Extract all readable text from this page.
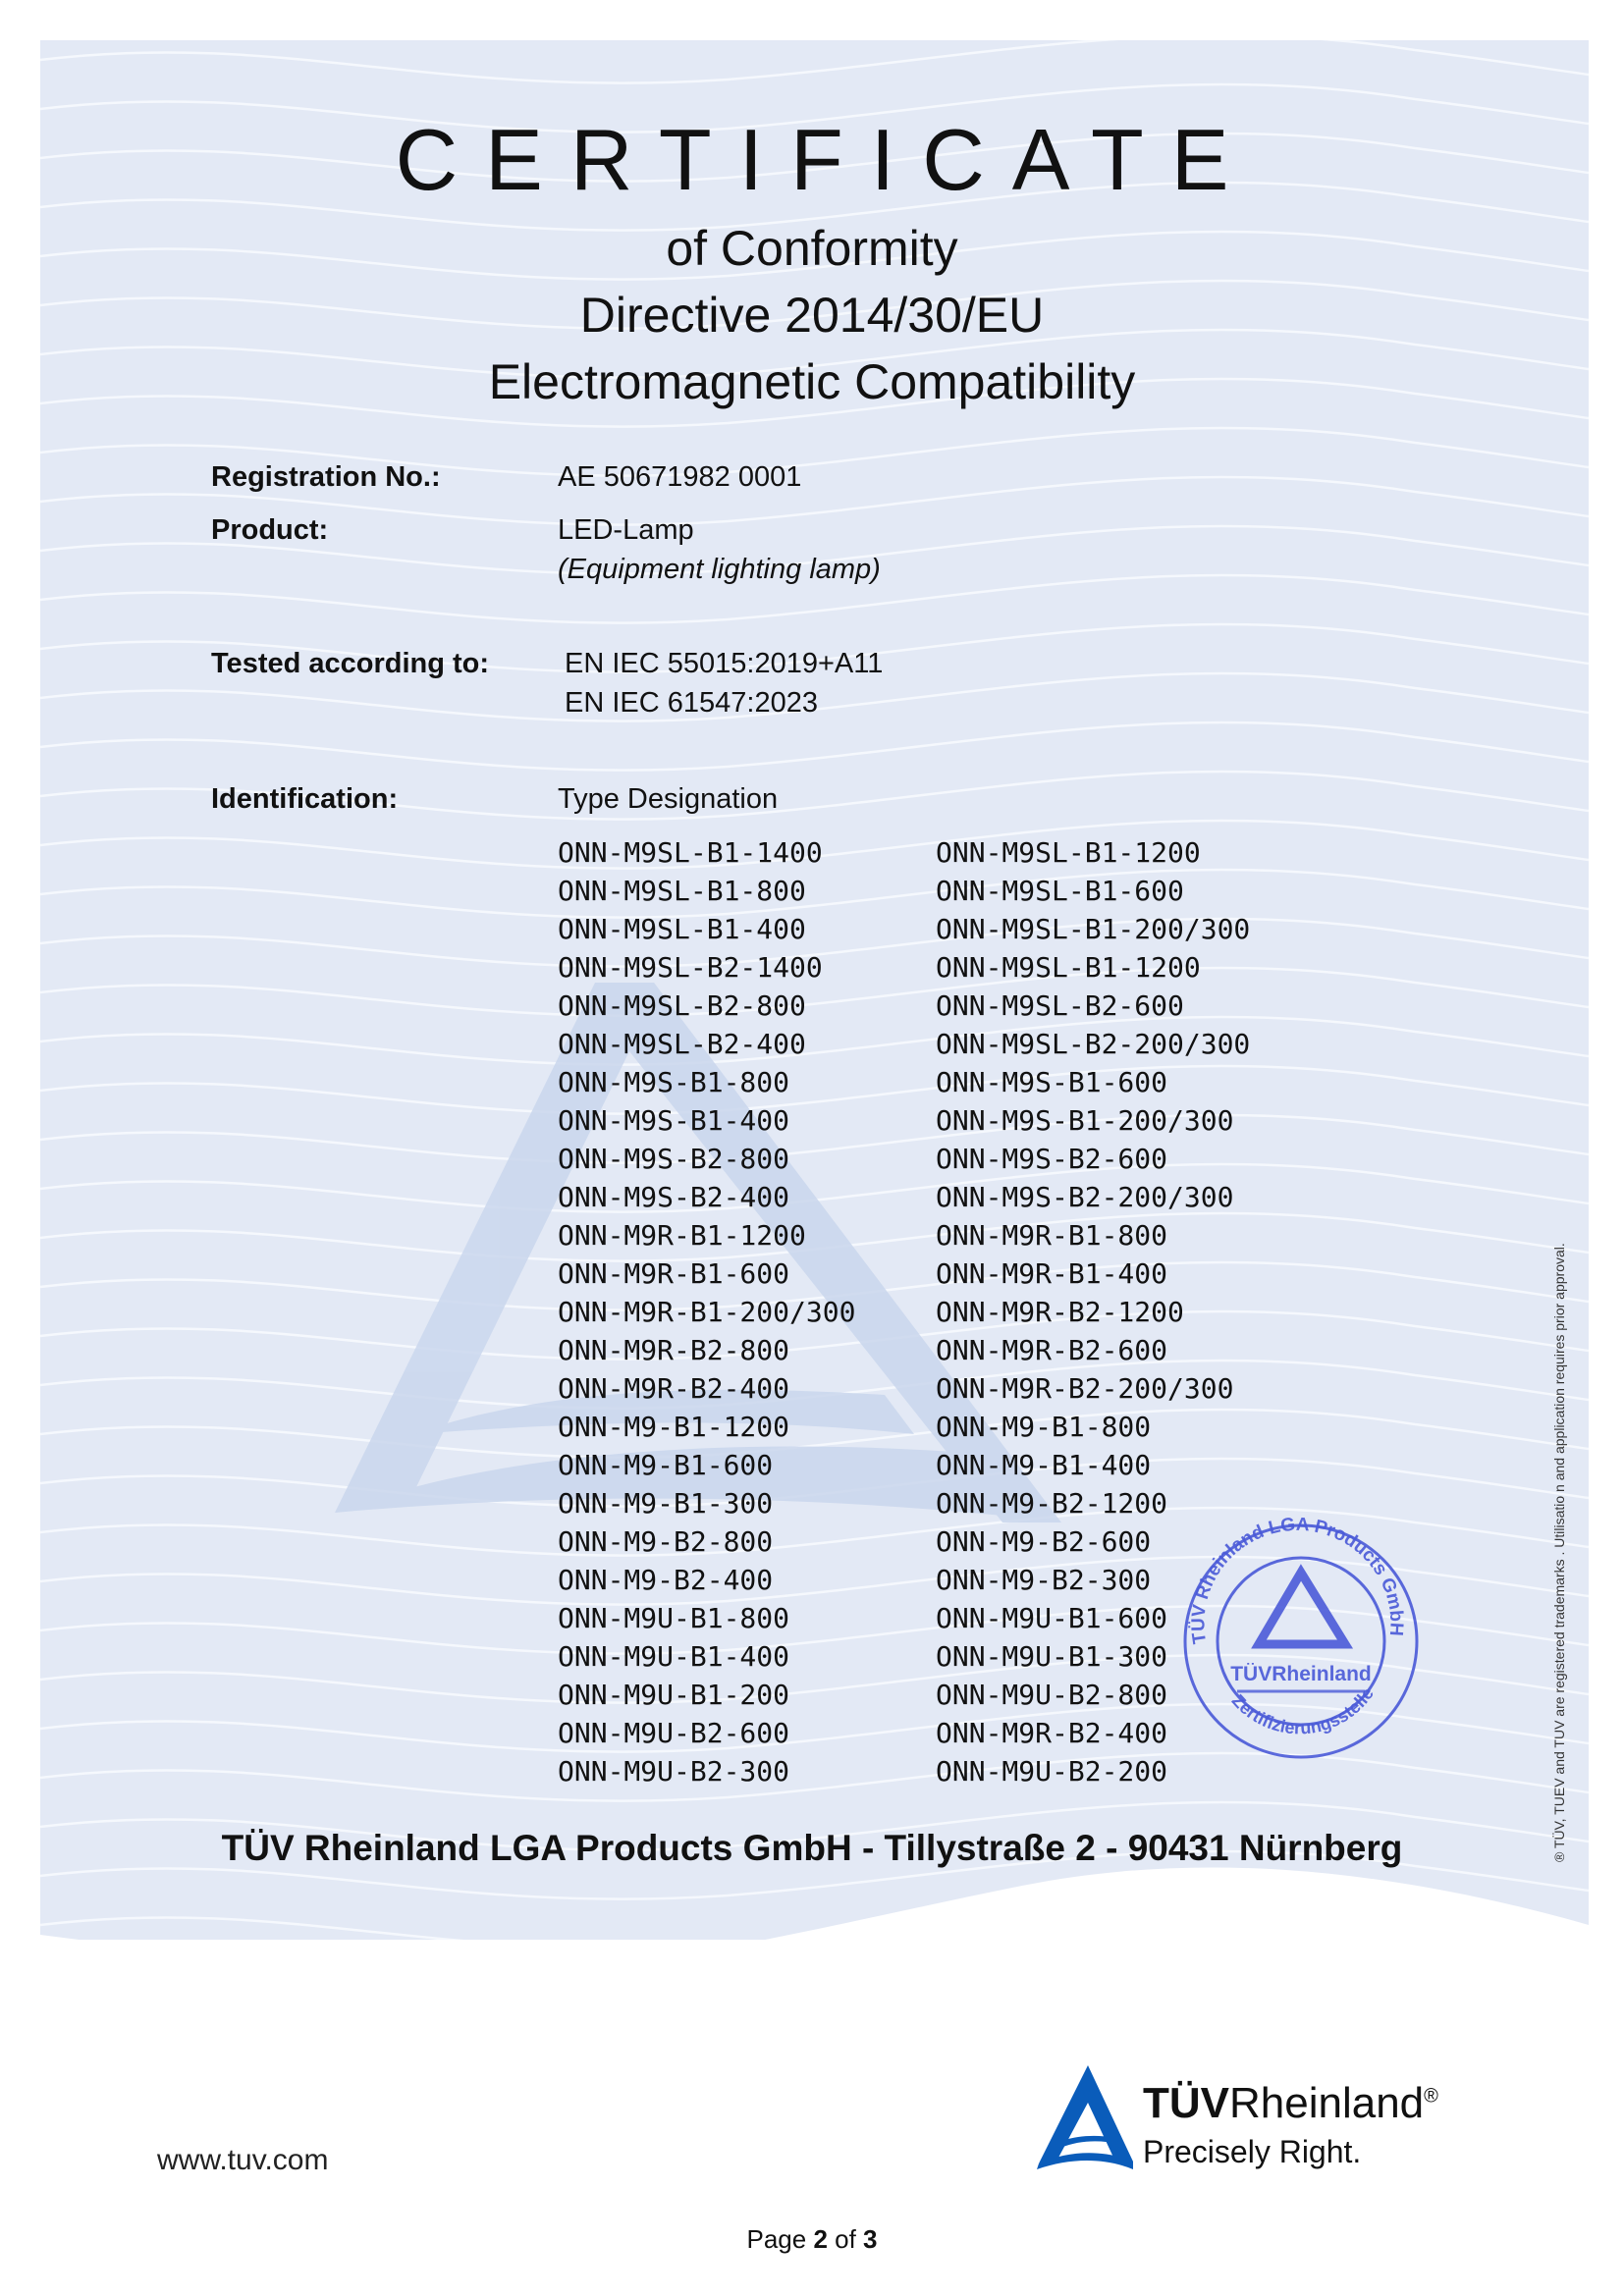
CERTIFICATE
of Conformity
Directive 2014/30/EU
Electromagnetic Compatibility
Registration No.:	AE 50671982 0001
Product:	LED-Lamp
(Equipment lighting lamp)
Tested according to:	EN IEC 55015:2019+A11
EN IEC 61547:2023
Identification:	Type Designation
ONN-M9SL-B1-1400	ONN-M9SL-B1-1200
ONN-M9SL-B1-800	ONN-M9SL-B1-600
ONN-M9SL-B1-400	ONN-M9SL-B1-200/300
ONN-M9SL-B2-1400	ONN-M9SL-B1-1200
ONN-M9SL-B2-800	ONN-M9SL-B2-600
ONN-M9SL-B2-400	ONN-M9SL-B2-200/300
ONN-M9S-B1-800	ONN-M9S-B1-600
ONN-M9S-B1-400	ONN-M9S-B1-200/300
ONN-M9S-B2-800	ONN-M9S-B2-600
ONN-M9S-B2-400	ONN-M9S-B2-200/300
ONN-M9R-B1-1200	ONN-M9R-B1-800
ONN-M9R-B1-600	ONN-M9R-B1-400
ONN-M9R-B1-200/300	ONN-M9R-B2-1200
ONN-M9R-B2-800	ONN-M9R-B2-600
ONN-M9R-B2-400	ONN-M9R-B2-200/300
ONN-M9-B1-1200	ONN-M9-B1-800
ONN-M9-B1-600	ONN-M9-B1-400
ONN-M9-B1-300	ONN-M9-B2-1200
ONN-M9-B2-800	ONN-M9-B2-600
ONN-M9-B2-400	ONN-M9-B2-300
ONN-M9U-B1-800	ONN-M9U-B1-600
ONN-M9U-B1-400	ONN-M9U-B1-300
ONN-M9U-B1-200	ONN-M9U-B2-800
ONN-M9U-B2-600	ONN-M9R-B2-400
ONN-M9U-B2-300	ONN-M9U-B2-200
TÜV Rheinland LGA Products GmbH
Zertifizierungsstelle
TÜVRheinland
TÜV Rheinland LGA Products GmbH - Tillystraße 2 - 90431 Nürnberg	® TÜV, TUEV and TUV are registered trademarks . Utilisatio n and application requires prior approval.
www.tuv.com
TÜVRheinland®
Precisely Right.
Page 2 of 3
